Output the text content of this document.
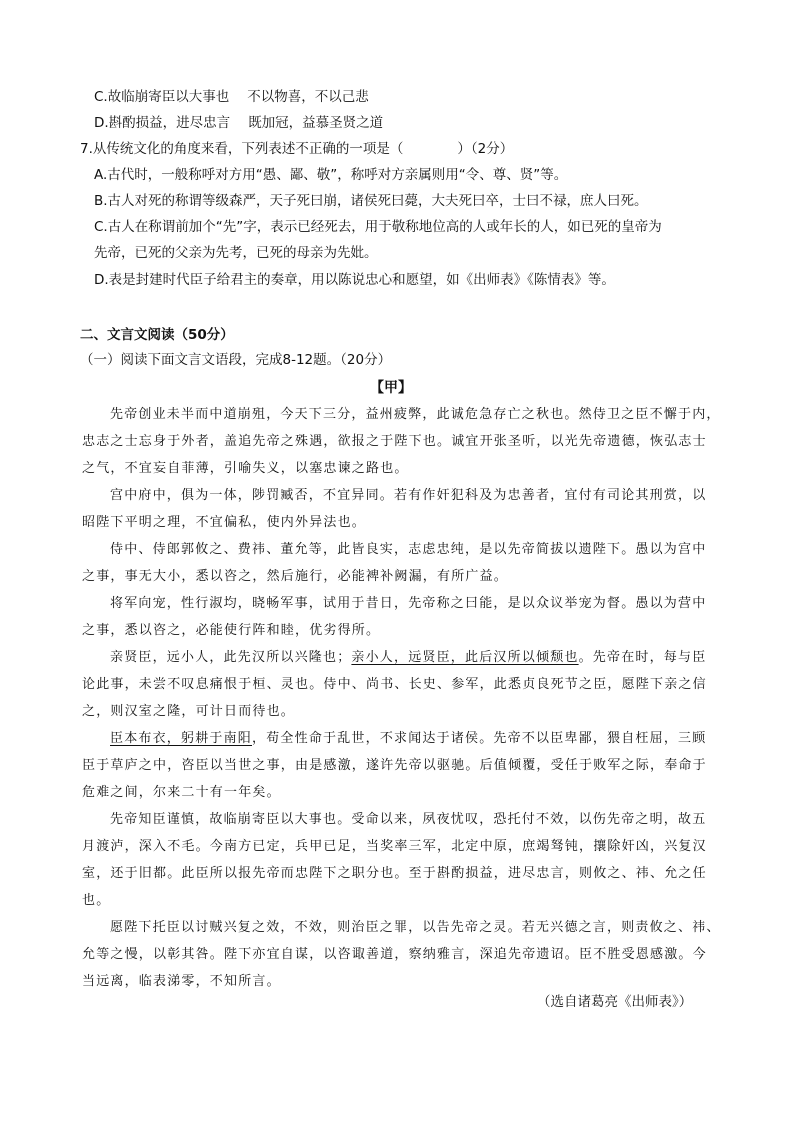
C.故临崩寄臣以大事也 不以物喜，不以己悲
D.斟酌损益，进尽忠言 既加冠，益慕圣贤之道
7.从传统文化的角度来看，下列表述不正确的一项是（　　　　）（2分）
A.古代时，一般称呼对方用“愚、鄙、敬”，称呼对方亲属则用“令、尊、贤”等。
B.古人对死的称谓等级森严，天子死曰崩，诸侯死曰薨，大夫死曰卒，士曰不禄，庶人曰死。
C.古人在称谓前加个“先”字，表示已经死去，用于敬称地位高的人或年长的人，如已死的皇帝为
先帝，已死的父亲为先考，已死的母亲为先妣。
D.表是封建时代臣子给君主的奏章，用以陈说忠心和愿望，如《出师表》《陈情表》等。
二、文言文阅读（50分）
（一）阅读下面文言文语段，完成8-12题。（20分）
【甲】
先帝创业未半而中道崩殂，今天下三分，益州疲弊，此诚危急存亡之秋也。然侍卫之臣不懈于内，
忠志之士忘身于外者，盖追先帝之殊遇，欲报之于陛下也。诚宜开张圣听，以光先帝遗德，恢弘志士
之气，不宜妄自菲薄，引喻失义，以塞忠谏之路也。
宫中府中，俱为一体，陟罚臧否，不宜异同。若有作奸犯科及为忠善者，宜付有司论其刑赏，以
昭陛下平明之理，不宜偏私，使内外异法也。
侍中、侍郎郭攸之、费祎、董允等，此皆良实，志虑忠纯，是以先帝简拔以遗陛下。愚以为宫中
之事，事无大小，悉以咨之，然后施行，必能裨补阙漏，有所广益。
将军向宠，性行淑均，晓畅军事，试用于昔日，先帝称之曰能，是以众议举宠为督。愚以为营中
之事，悉以咨之，必能使行阵和睦，优劣得所。
亲贤臣，远小人，此先汉所以兴隆也；亲小人，远贤臣，此后汉所以倾颓也。先帝在时，每与臣
论此事，未尝不叹息痛恨于桓、灵也。侍中、尚书、长史、参军，此悉贞良死节之臣，愿陛下亲之信
之，则汉室之隆，可计日而待也。
臣本布衣，躬耕于南阳，苟全性命于乱世，不求闻达于诸侯。先帝不以臣卑鄙，猥自枉屈，三顾
臣于草庐之中，咨臣以当世之事，由是感激，遂许先帝以驱驰。后值倾覆，受任于败军之际，奉命于
危难之间，尔来二十有一年矣。
先帝知臣谨慎，故临崩寄臣以大事也。受命以来，夙夜忧叹，恐托付不效，以伤先帝之明，故五
月渡泸，深入不毛。今南方已定，兵甲已足，当奖率三军，北定中原，庶竭驽钝，攘除奸凶，兴复汉
室，还于旧都。此臣所以报先帝而忠陛下之职分也。至于斟酌损益，进尽忠言，则攸之、祎、允之任
也。
愿陛下托臣以讨贼兴复之效，不效，则治臣之罪，以告先帝之灵。若无兴德之言，则责攸之、祎、
允等之慢，以彰其咎。陛下亦宜自谋，以咨诹善道，察纳雅言，深追先帝遗诏。臣不胜受恩感激。今
当远离，临表涕零，不知所言。
（选自诸葛亮《出师表》）
